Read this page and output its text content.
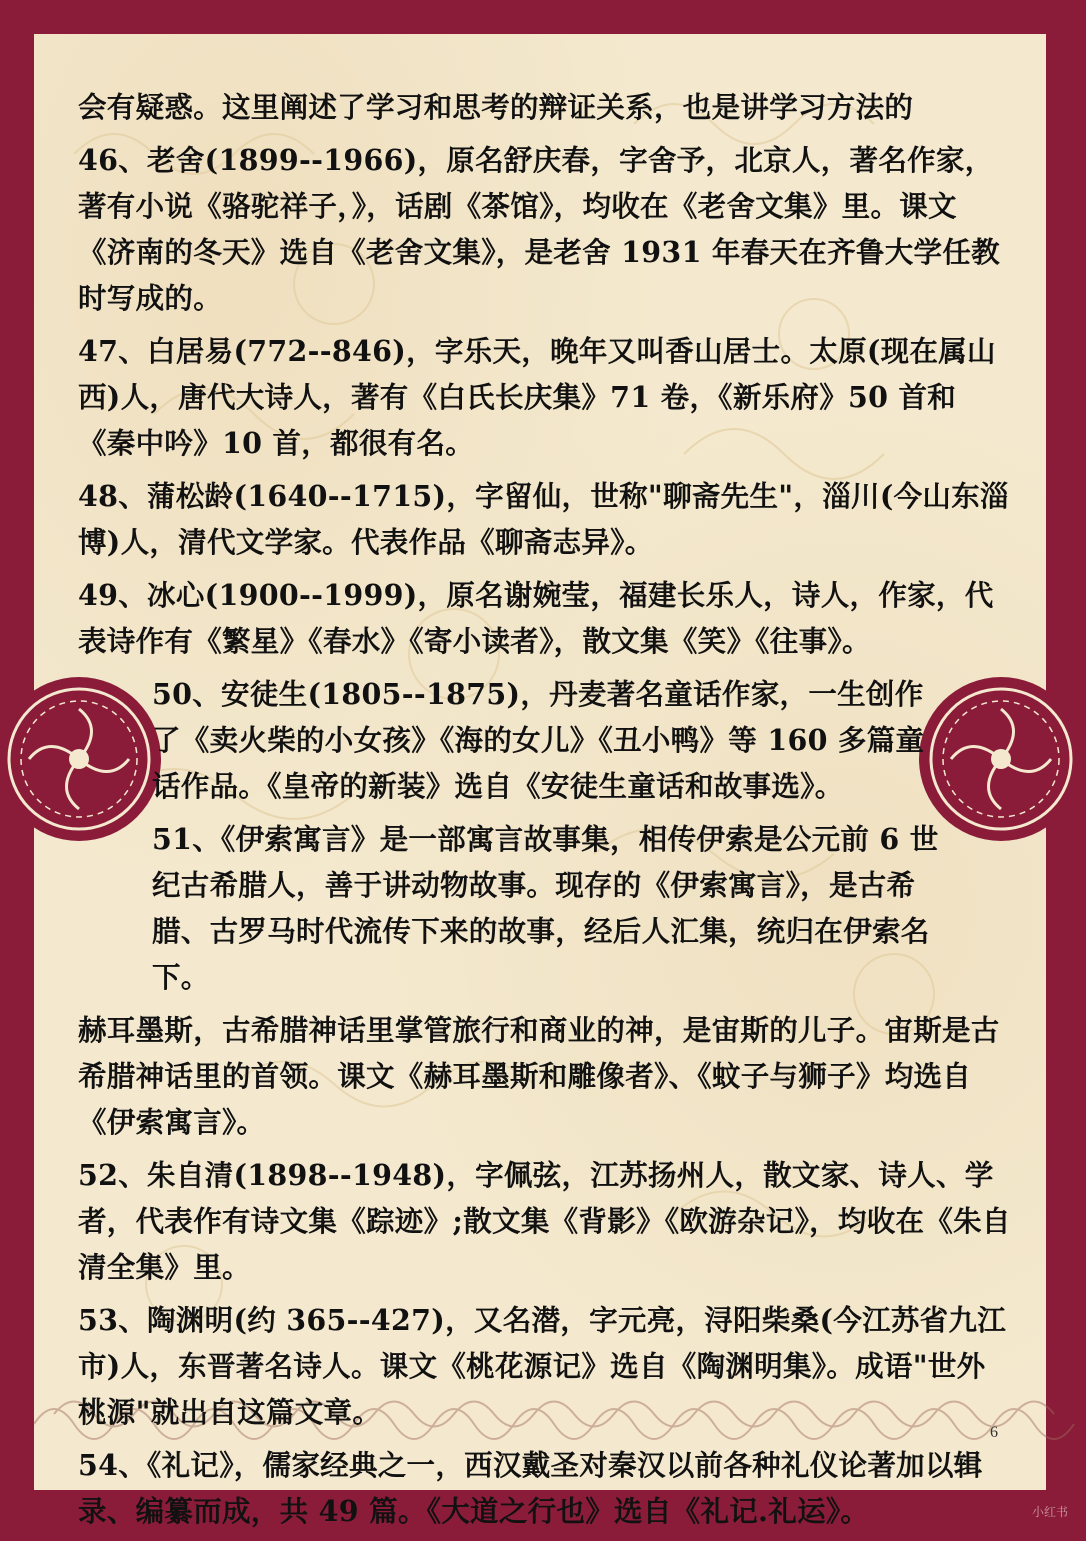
会有疑惑。这里阐述了学习和思考的辩证关系，也是讲学习方法的

46、老舍(1899--1966)，原名舒庆春，字舍予，北京人，著名作家，著有小说《骆驼祥子，》，话剧《茶馆》，均收在《老舍文集》里。课文《济南的冬天》选自《老舍文集》，是老舍 1931 年春天在齐鲁大学任教时写成的。

47、白居易(772--846)，字乐天，晚年又叫香山居士。太原(现在属山西)人，唐代大诗人，著有《白氏长庆集》71 卷，《新乐府》50 首和《秦中吟》10 首，都很有名。

48、蒲松龄(1640--1715)，字留仙，世称"聊斋先生"，淄川(今山东淄博)人，清代文学家。代表作品《聊斋志异》。

49、冰心(1900--1999)，原名谢婉莹，福建长乐人，诗人，作家，代表诗作有《繁星》《春水》《寄小读者》，散文集《笑》《往事》。

50、安徒生(1805--1875)，丹麦著名童话作家，一生创作了《卖火柴的小女孩》《海的女儿》《丑小鸭》等 160 多篇童话作品。《皇帝的新装》选自《安徒生童话和故事选》。

51、《伊索寓言》是一部寓言故事集，相传伊索是公元前 6 世纪古希腊人，善于讲动物故事。现存的《伊索寓言》，是古希腊、古罗马时代流传下来的故事，经后人汇集，统归在伊索名下。

赫耳墨斯，古希腊神话里掌管旅行和商业的神，是宙斯的儿子。宙斯是古希腊神话里的首领。课文《赫耳墨斯和雕像者》、《蚊子与狮子》均选自《伊索寓言》。

52、朱自清(1898--1948)，字佩弦，江苏扬州人，散文家、诗人、学者，代表作有诗文集《踪迹》;散文集《背影》《欧游杂记》，均收在《朱自清全集》里。

53、陶渊明(约 365--427)，又名潜，字元亮，浔阳柴桑(今江苏省九江市)人，东晋著名诗人。课文《桃花源记》选自《陶渊明集》。成语"世外桃源"就出自这篇文章。

54、《礼记》，儒家经典之一，西汉戴圣对秦汉以前各种礼仪论著加以辑录、编纂而成，共 49 篇。《大道之行也》选自《礼记.礼运》。

6
小红书
